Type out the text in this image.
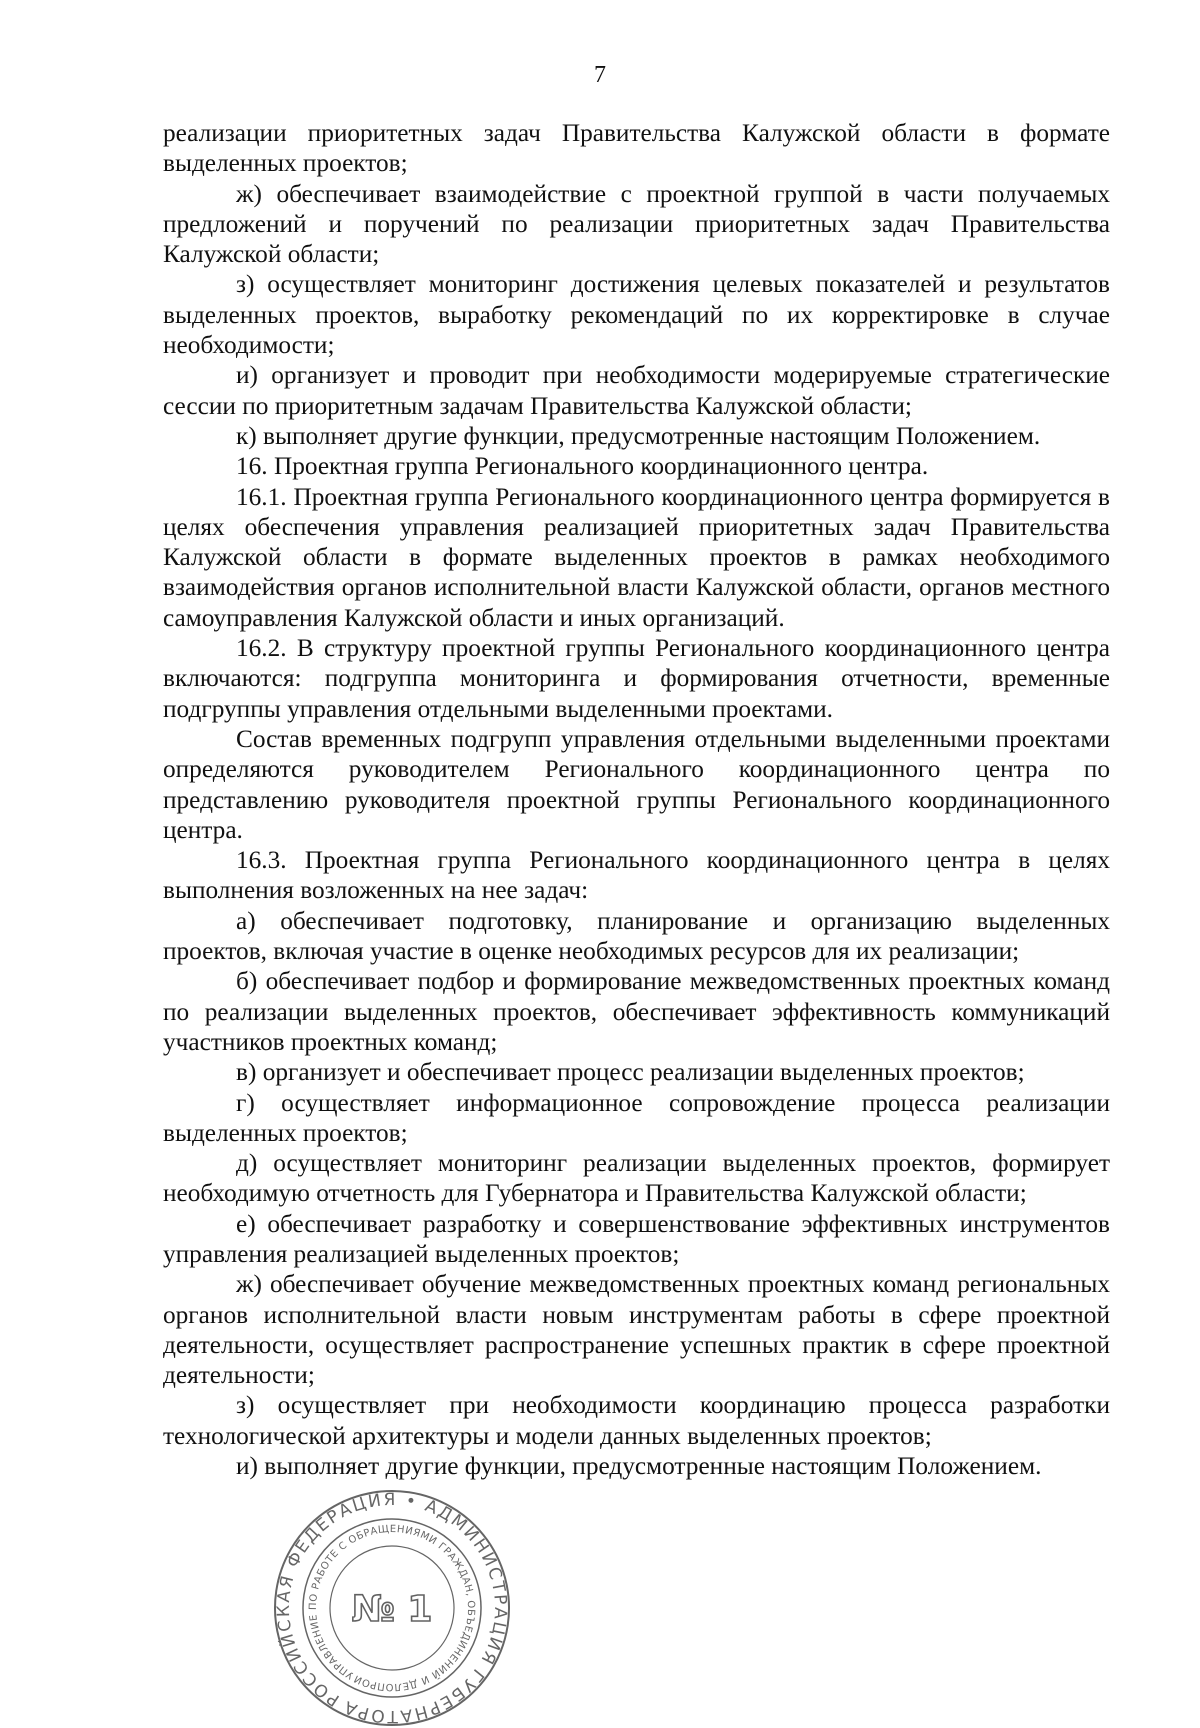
7

реализации приоритетных задач Правительства Калужской области в формате выделенных проектов;

ж) обеспечивает взаимодействие с проектной группой в части получаемых предложений и поручений по реализации приоритетных задач Правительства Калужской области;

з) осуществляет мониторинг достижения целевых показателей и результатов выделенных проектов, выработку рекомендаций по их корректировке в случае необходимости;

и) организует и проводит при необходимости модерируемые стратегические сессии по приоритетным задачам Правительства Калужской области;

к) выполняет другие функции, предусмотренные настоящим Положением.

16. Проектная группа Регионального координационного центра.

16.1. Проектная группа Регионального координационного центра формируется в целях обеспечения управления реализацией приоритетных задач Правительства Калужской области в формате выделенных проектов в рамках необходимого взаимодействия органов исполнительной власти Калужской области, органов местного самоуправления Калужской области и иных организаций.

16.2. В структуру проектной группы Регионального координационного центра включаются: подгруппа мониторинга и формирования отчетности, временные подгруппы управления отдельными выделенными проектами.

Состав временных подгрупп управления отдельными выделенными проектами определяются руководителем Регионального координационного центра по представлению руководителя проектной группы Регионального координационного центра.

16.3. Проектная группа Регионального координационного центра в целях выполнения возложенных на нее задач:

а) обеспечивает подготовку, планирование и организацию выделенных проектов, включая участие в оценке необходимых ресурсов для их реализации;

б) обеспечивает подбор и формирование межведомственных проектных команд по реализации выделенных проектов, обеспечивает эффективность коммуникаций участников проектных команд;

в) организует и обеспечивает процесс реализации выделенных проектов;

г) осуществляет информационное сопровождение процесса реализации выделенных проектов;

д) осуществляет мониторинг реализации выделенных проектов, формирует необходимую отчетность для Губернатора и Правительства Калужской области;

е) обеспечивает разработку и совершенствование эффективных инструментов управления реализацией выделенных проектов;

ж) обеспечивает обучение межведомственных проектных команд региональных органов исполнительной власти новым инструментам работы в сфере проектной деятельности, осуществляет распространение успешных практик в сфере проектной деятельности;

з) осуществляет при необходимости координацию процесса разработки технологической архитектуры и модели данных выделенных проектов;

и) выполняет другие функции, предусмотренные настоящим Положением.

РОССИЙСКАЯ ФЕДЕРАЦИЯ • АДМИНИСТРАЦИЯ ГУБЕРНАТОРА
УПРАВЛЕНИЕ ПО РАБОТЕ С ОБРАЩЕНИЯМИ ГРАЖДАН, ОБЪЕДИНЕНИЙ И ДЕЛОПРОИЗВОДСТВА
№ 1
